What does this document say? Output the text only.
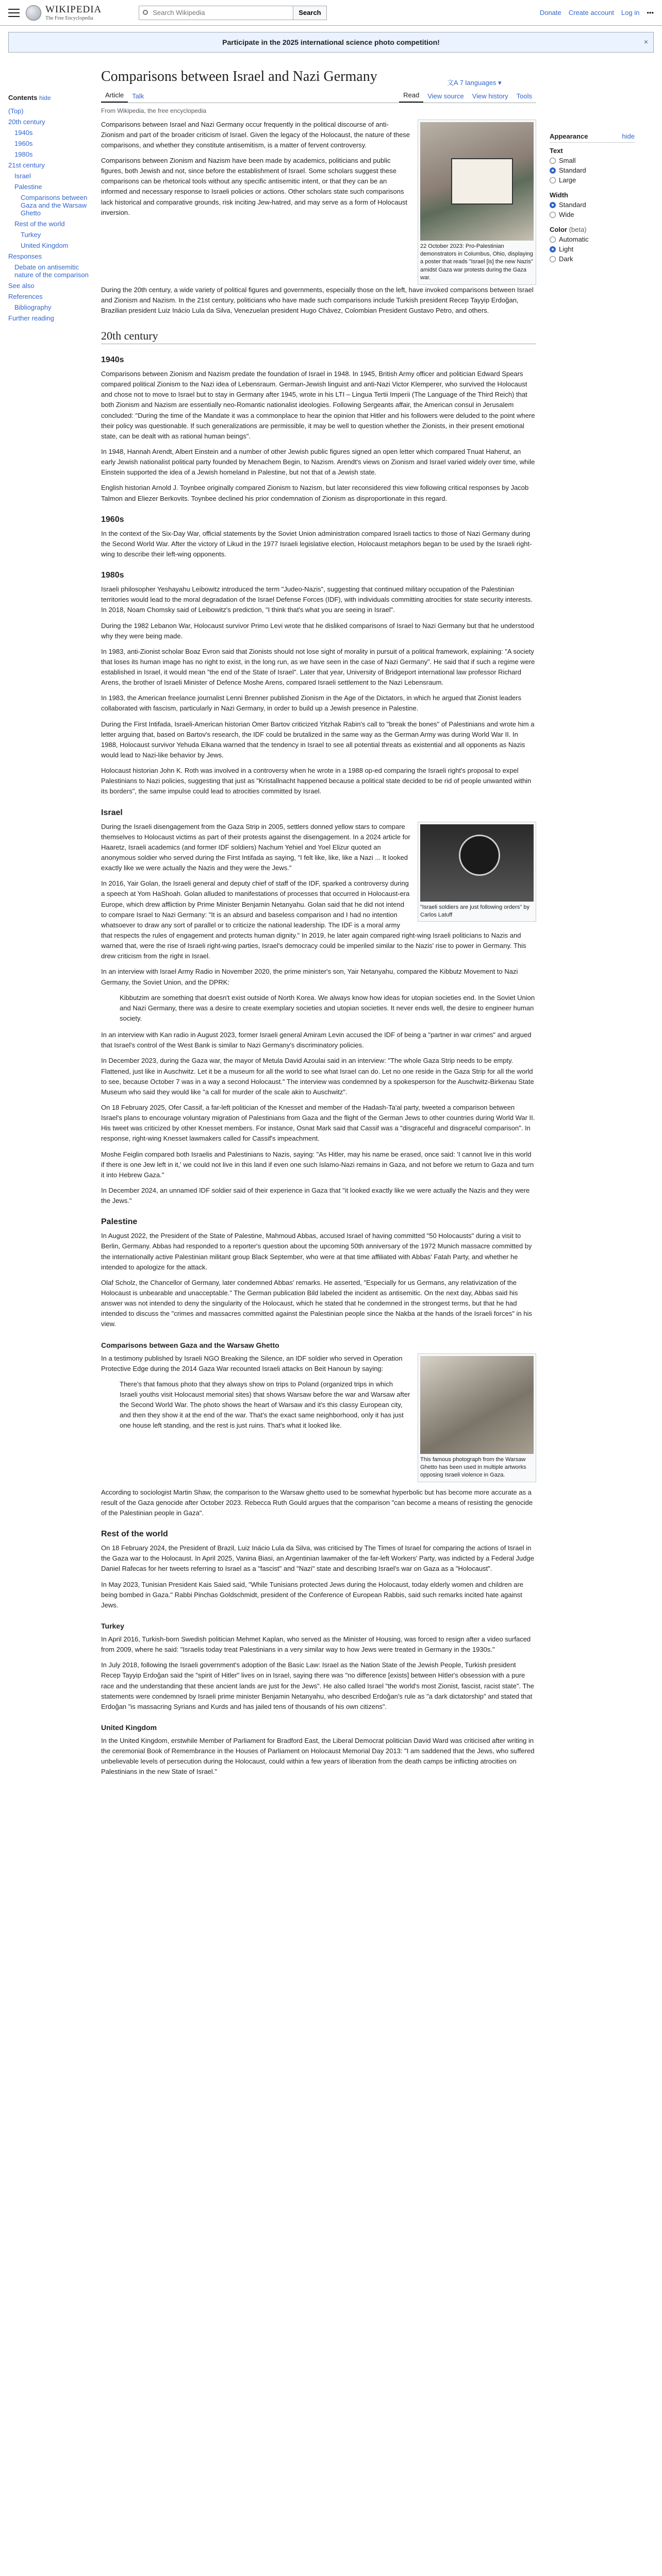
WIKIPEDIA
The Free Encyclopedia
Search Wikipedia
Search	Donate Create account Log in •••
Participate in the 2025 international science photo competition!	×
Contents hide
(Top)
20th century
1940s
1960s
1980s
21st century
Israel
Palestine
Comparisons between Gaza and the Warsaw Ghetto
Rest of the world
Turkey
United Kingdom
Responses
Debate on antisemitic nature of the comparison
See also
References
Bibliography
Further reading
Comparisons between Israel and Nazi Germany	文A 7 languages ▾
Article	Talk	Read	View source	View history	Tools
From Wikipedia, the free encyclopedia

Comparisons between Israel and Nazi Germany occur frequently in the political discourse of anti-Zionism and part of the broader criticism of Israel. Given the legacy of the Holocaust, the nature of these comparisons, and whether they constitute antisemitism, is a matter of fervent controversy.

Comparisons between Zionism and Nazism have been made by academics, politicians and public figures, both Jewish and not, since before the establishment of Israel. Some scholars suggest these comparisons can be rhetorical tools without any specific antisemitic intent, or that they can be an informed and necessary response to Israeli policies or actions. Other scholars state such comparisons lack historical and comparative grounds, risk inciting Jew-hatred, and may serve as a form of Holocaust inversion.

22 October 2023: Pro-Palestinian demonstrators in Columbus, Ohio, displaying a poster that reads "Israel [is] the new Nazis" amidst Gaza war protests during the Gaza war.

During the 20th century, a wide variety of political figures and governments, especially those on the left, have invoked comparisons between Israel and Zionism and Nazism. In the 21st century, politicians who have made such comparisons include Turkish president Recep Tayyip Erdoğan, Brazilian president Luiz Inácio Lula da Silva, Venezuelan president Hugo Chávez, Colombian President Gustavo Petro, and others.

20th century
1940s

Comparisons between Zionism and Nazism predate the foundation of Israel in 1948. In 1945, British Army officer and politician Edward Spears compared political Zionism to the Nazi idea of Lebensraum. German-Jewish linguist and anti-Nazi Victor Klemperer, who survived the Holocaust and chose not to move to Israel but to stay in Germany after 1945, wrote in his LTI – Lingua Tertii Imperii (The Language of the Third Reich) that both Zionism and Nazism are essentially neo-Romantic nationalist ideologies. Following Sergeants affair, the American consul in Jerusalem concluded: "During the time of the Mandate it was a commonplace to hear the opinion that Hitler and his followers were deluded to the point where their policy was questionable. If such generalizations are permissible, it may be well to question whether the Zionists, in their present emotional state, can be dealt with as rational human beings".

In 1948, Hannah Arendt, Albert Einstein and a number of other Jewish public figures signed an open letter which compared Tnuat Haherut, an early Jewish nationalist political party founded by Menachem Begin, to Nazism. Arendt's views on Zionism and Israel varied widely over time, while Einstein supported the idea of a Jewish homeland in Palestine, but not that of a Jewish state.

English historian Arnold J. Toynbee originally compared Zionism to Nazism, but later reconsidered this view following critical responses by Jacob Talmon and Eliezer Berkovits. Toynbee declined his prior condemnation of Zionism as disproportionate in this regard.

1960s

In the context of the Six-Day War, official statements by the Soviet Union administration compared Israeli tactics to those of Nazi Germany during the Second World War. After the victory of Likud in the 1977 Israeli legislative election, Holocaust metaphors began to be used by the Israeli right-wing to describe their left-wing opponents.

1980s

Israeli philosopher Yeshayahu Leibowitz introduced the term "Judeo-Nazis", suggesting that continued military occupation of the Palestinian territories would lead to the moral degradation of the Israel Defense Forces (IDF), with individuals committing atrocities for state security interests. In 2018, Noam Chomsky said of Leibowitz's prediction, "I think that's what you are seeing in Israel".

During the 1982 Lebanon War, Holocaust survivor Primo Levi wrote that he disliked comparisons of Israel to Nazi Germany but that he understood why they were being made.

In 1983, anti-Zionist scholar Boaz Evron said that Zionists should not lose sight of morality in pursuit of a political framework, explaining: "A society that loses its human image has no right to exist, in the long run, as we have seen in the case of Nazi Germany". He said that if such a regime were established in Israel, it would mean "the end of the State of Israel". Later that year, University of Bridgeport international law professor Richard Arens, the brother of Israeli Minister of Defence Moshe Arens, compared Israeli settlement to the Nazi Lebensraum.

In 1983, the American freelance journalist Lenni Brenner published Zionism in the Age of the Dictators, in which he argued that Zionist leaders collaborated with fascism, particularly in Nazi Germany, in order to build up a Jewish presence in Palestine.

During the First Intifada, Israeli-American historian Omer Bartov criticized Yitzhak Rabin's call to "break the bones" of Palestinians and wrote him a letter arguing that, based on Bartov's research, the IDF could be brutalized in the same way as the German Army was during World War II. In 1988, Holocaust survivor Yehuda Elkana warned that the tendency in Israel to see all potential threats as existential and all opponents as Nazis would lead to Nazi-like behavior by Jews.

Holocaust historian John K. Roth was involved in a controversy when he wrote in a 1988 op-ed comparing the Israeli right's proposal to expel Palestinians to Nazi policies, suggesting that just as "Kristallnacht happened because a political state decided to be rid of people unwanted within its borders", the same impulse could lead to atrocities committed by Israel.

Israel
"Israeli soldiers are just following orders" by Carlos Latuff

During the Israeli disengagement from the Gaza Strip in 2005, settlers donned yellow stars to compare themselves to Holocaust victims as part of their protests against the disengagement. In a 2024 article for Haaretz, Israeli academics (and former IDF soldiers) Nachum Yehiel and Yoel Elizur quoted an anonymous soldier who served during the First Intifada as saying, "I felt like, like, like a Nazi ... It looked exactly like we were actually the Nazis and they were the Jews."

In 2016, Yair Golan, the Israeli general and deputy chief of staff of the IDF, sparked a controversy during a speech at Yom HaShoah. Golan alluded to manifestations of processes that occurred in Holocaust-era Europe, which drew affliction by Prime Minister Benjamin Netanyahu. Golan said that he did not intend to compare Israel to Nazi Germany: "It is an absurd and baseless comparison and I had no intention whatsoever to draw any sort of parallel or to criticize the national leadership. The IDF is a moral army that respects the rules of engagement and protects human dignity." In 2019, he later again compared right-wing Israeli politicians to Nazis and warned that, were the rise of Israeli right-wing parties, Israel's democracy could be imperiled similar to the Nazis' rise to power in Germany. This drew criticism from the right in Israel.

In an interview with Israel Army Radio in November 2020, the prime minister's son, Yair Netanyahu, compared the Kibbutz Movement to Nazi Germany, the Soviet Union, and the DPRK:

Kibbutzim are something that doesn't exist outside of North Korea. We always know how ideas for utopian societies end. In the Soviet Union and Nazi Germany, there was a desire to create exemplary societies and utopian societies. It never ends well, the desire to engineer human society.

In an interview with Kan radio in August 2023, former Israeli general Amiram Levin accused the IDF of being a "partner in war crimes" and argued that Israel's control of the West Bank is similar to Nazi Germany's discriminatory policies.

In December 2023, during the Gaza war, the mayor of Metula David Azoulai said in an interview: "The whole Gaza Strip needs to be empty. Flattened, just like in Auschwitz. Let it be a museum for all the world to see what Israel can do. Let no one reside in the Gaza Strip for all the world to see, because October 7 was in a way a second Holocaust." The interview was condemned by a spokesperson for the Auschwitz-Birkenau State Museum who said they would like "a call for murder of the scale akin to Auschwitz".

On 18 February 2025, Ofer Cassif, a far-left politician of the Knesset and member of the Hadash-Ta'al party, tweeted a comparison between Israel's plans to encourage voluntary migration of Palestinians from Gaza and the flight of the German Jews to other countries during World War II. His tweet was criticized by other Knesset members. For instance, Osnat Mark said that Cassif was a "disgraceful and disgraceful comparison". In response, right-wing Knesset lawmakers called for Cassif's impeachment.

Moshe Feiglin compared both Israelis and Palestinians to Nazis, saying: "As Hitler, may his name be erased, once said: 'I cannot live in this world if there is one Jew left in it,' we could not live in this land if even one such Islamo-Nazi remains in Gaza, and not before we return to Gaza and turn it into Hebrew Gaza."

In December 2024, an unnamed IDF soldier said of their experience in Gaza that "it looked exactly like we were actually the Nazis and they were the Jews."

Palestine

In August 2022, the President of the State of Palestine, Mahmoud Abbas, accused Israel of having committed "50 Holocausts" during a visit to Berlin, Germany. Abbas had responded to a reporter's question about the upcoming 50th anniversary of the 1972 Munich massacre committed by the internationally active Palestinian militant group Black September, who were at that time affiliated with Abbas' Fatah Party, and whether he intended to apologize for the attack.

Olaf Scholz, the Chancellor of Germany, later condemned Abbas' remarks. He asserted, "Especially for us Germans, any relativization of the Holocaust is unbearable and unacceptable." The German publication Bild labeled the incident as antisemitic. On the next day, Abbas said his answer was not intended to deny the singularity of the Holocaust, which he stated that he condemned in the strongest terms, but that he had intended to discuss the "crimes and massacres committed against the Palestinian people since the Nakba at the hands of the Israeli forces" in his view.

Comparisons between Gaza and the Warsaw Ghetto
This famous photograph from the Warsaw Ghetto has been used in multiple artworks opposing Israeli violence in Gaza.

In a testimony published by Israeli NGO Breaking the Silence, an IDF soldier who served in Operation Protective Edge during the 2014 Gaza War recounted Israeli attacks on Beit Hanoun by saying:

There's that famous photo that they always show on trips to Poland (organized trips in which Israeli youths visit Holocaust memorial sites) that shows Warsaw before the war and Warsaw after the Second World War. The photo shows the heart of Warsaw and it's this classy European city, and then they show it at the end of the war. That's the exact same neighborhood, only it has just one house left standing, and the rest is just ruins. That's what it looked like.

According to sociologist Martin Shaw, the comparison to the Warsaw ghetto used to be somewhat hyperbolic but has become more accurate as a result of the Gaza genocide after October 2023. Rebecca Ruth Gould argues that the comparison "can become a means of resisting the genocide of the Palestinian people in Gaza".

Rest of the world

On 18 February 2024, the President of Brazil, Luiz Inácio Lula da Silva, was criticised by The Times of Israel for comparing the actions of Israel in the Gaza war to the Holocaust. In April 2025, Vanina Biasi, an Argentinian lawmaker of the far-left Workers' Party, was indicted by a Federal Judge Daniel Rafecas for her tweets referring to Israel as a "fascist" and "Nazi" state and describing Israel's war on Gaza as a "Holocaust".

In May 2023, Tunisian President Kais Saied said, "While Tunisians protected Jews during the Holocaust, today elderly women and children are being bombed in Gaza." Rabbi Pinchas Goldschmidt, president of the Conference of European Rabbis, said such remarks incited hate against Jews.

Turkey

In April 2016, Turkish-born Swedish politician Mehmet Kaplan, who served as the Minister of Housing, was forced to resign after a video surfaced from 2009, where he said: "Israelis today treat Palestinians in a very similar way to how Jews were treated in Germany in the 1930s."

In July 2018, following the Israeli government's adoption of the Basic Law: Israel as the Nation State of the Jewish People, Turkish president Recep Tayyip Erdoğan said the "spirit of Hitler" lives on in Israel, saying there was "no difference [exists] between Hitler's obsession with a pure race and the understanding that these ancient lands are just for the Jews". He also called Israel "the world's most Zionist, fascist, racist state". The statements were condemned by Israeli prime minister Benjamin Netanyahu, who described Erdoğan's rule as "a dark dictatorship" and stated that Erdoğan "is massacring Syrians and Kurds and has jailed tens of thousands of his own citizens".

United Kingdom

In the United Kingdom, erstwhile Member of Parliament for Bradford East, the Liberal Democrat politician David Ward was criticised after writing in the ceremonial Book of Remembrance in the Houses of Parliament on Holocaust Memorial Day 2013: "I am saddened that the Jews, who suffered unbelievable levels of persecution during the Holocaust, could within a few years of liberation from the death camps be inflicting atrocities on Palestinians in the new State of Israel."

Appearance	hide
Text
Small
Standard
Large
Width
Standard
Wide
Color (beta)
Automatic
Light
Dark
